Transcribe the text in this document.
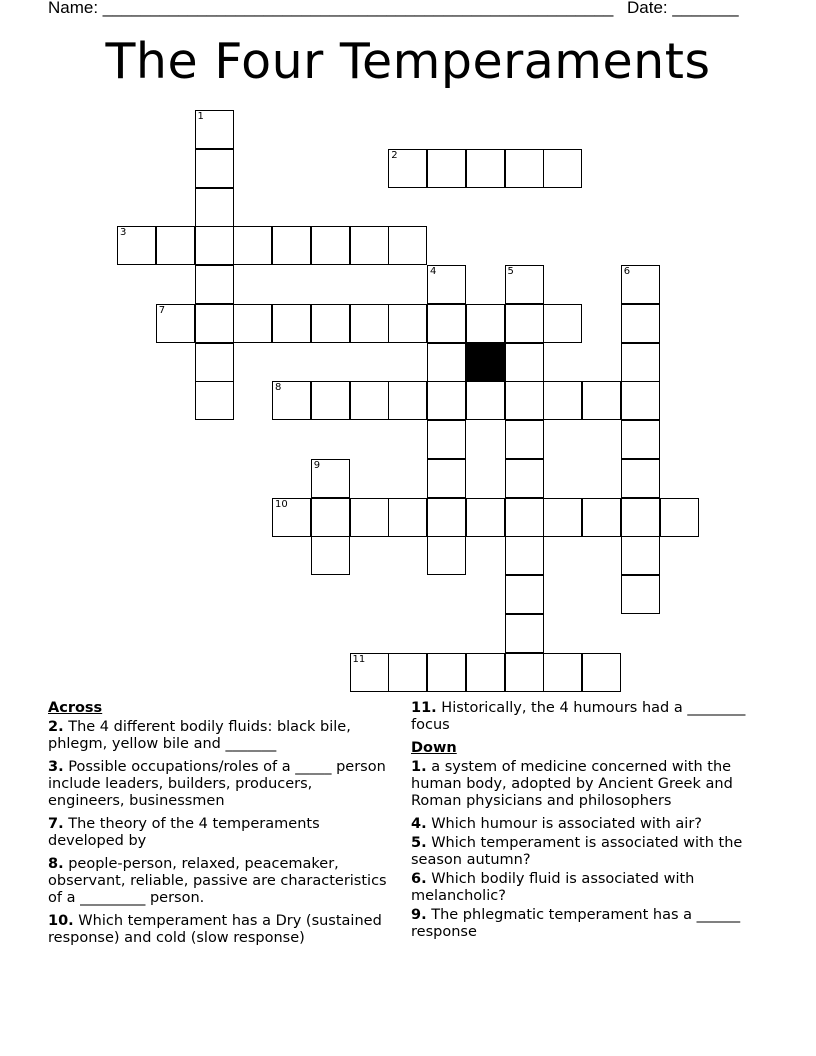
Name: ______________________________________________________ Date: _______
The Four Temperaments
1
2
3
4	5	6
7
8
9
10
11
Across
2. The 4 different bodily fluids: black bile, phlegm, yellow bile and _______
3. Possible occupations/roles of a _____ person include leaders, builders, producers, engineers, businessmen
7. The theory of the 4 temperaments developed by
8. people-person, relaxed, peacemaker, observant, reliable, passive are characteristics of a _________ person.
10. Which temperament has a Dry (sustained response) and cold (slow response)
11. Historically, the 4 humours had a ________ focus
Down
1. a system of medicine concerned with the human body, adopted by Ancient Greek and Roman physicians and philosophers
4. Which humour is associated with air?
5. Which temperament is associated with the season autumn?
6. Which bodily fluid is associated with melancholic?
9. The phlegmatic temperament has a ______ response
